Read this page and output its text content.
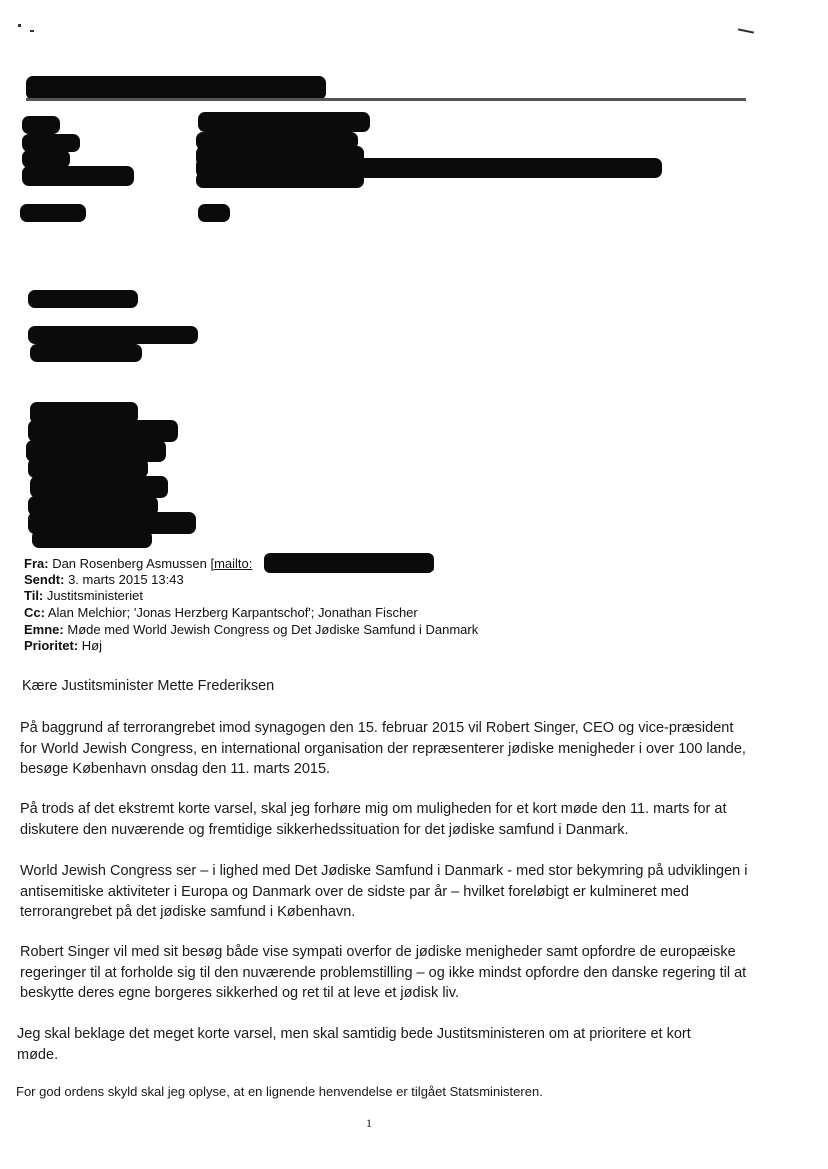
Fra: Dan Rosenberg Asmussen [mailto:	]
Sendt: 3. marts 2015 13:43
Til: Justitsministeriet
Cc: Alan Melchior; 'Jonas Herzberg Karpantschof'; Jonathan Fischer
Emne: Møde med World Jewish Congress og Det Jødiske Samfund i Danmark
Prioritet: Høj
Kære Justitsminister Mette Frederiksen
På baggrund af terrorangrebet imod synagogen den 15. februar 2015 vil Robert Singer, CEO og vice-præsident for World Jewish Congress, en international organisation der repræsenterer jødiske menigheder i over 100 lande, besøge København onsdag den 11. marts 2015.
På trods af det ekstremt korte varsel, skal jeg forhøre mig om muligheden for et kort møde den 11. marts for at diskutere den nuværende og fremtidige sikkerhedssituation for det jødiske samfund i Danmark.
World Jewish Congress ser – i lighed med Det Jødiske Samfund i Danmark - med stor bekymring på udviklingen i antisemitiske aktiviteter i Europa og Danmark over de sidste par år – hvilket foreløbigt er kulmineret med terrorangrebet på det jødiske samfund i København.
Robert Singer vil med sit besøg både vise sympati overfor de jødiske menigheder samt opfordre de europæiske regeringer til at forholde sig til den nuværende problemstilling – og ikke mindst opfordre den danske regering til at beskytte deres egne borgeres sikkerhed og ret til at leve et jødisk liv.
Jeg skal beklage det meget korte varsel, men skal samtidig bede Justitsministeren om at prioritere et kort møde.
For god ordens skyld skal jeg oplyse, at en lignende henvendelse er tilgået Statsministeren.
1
